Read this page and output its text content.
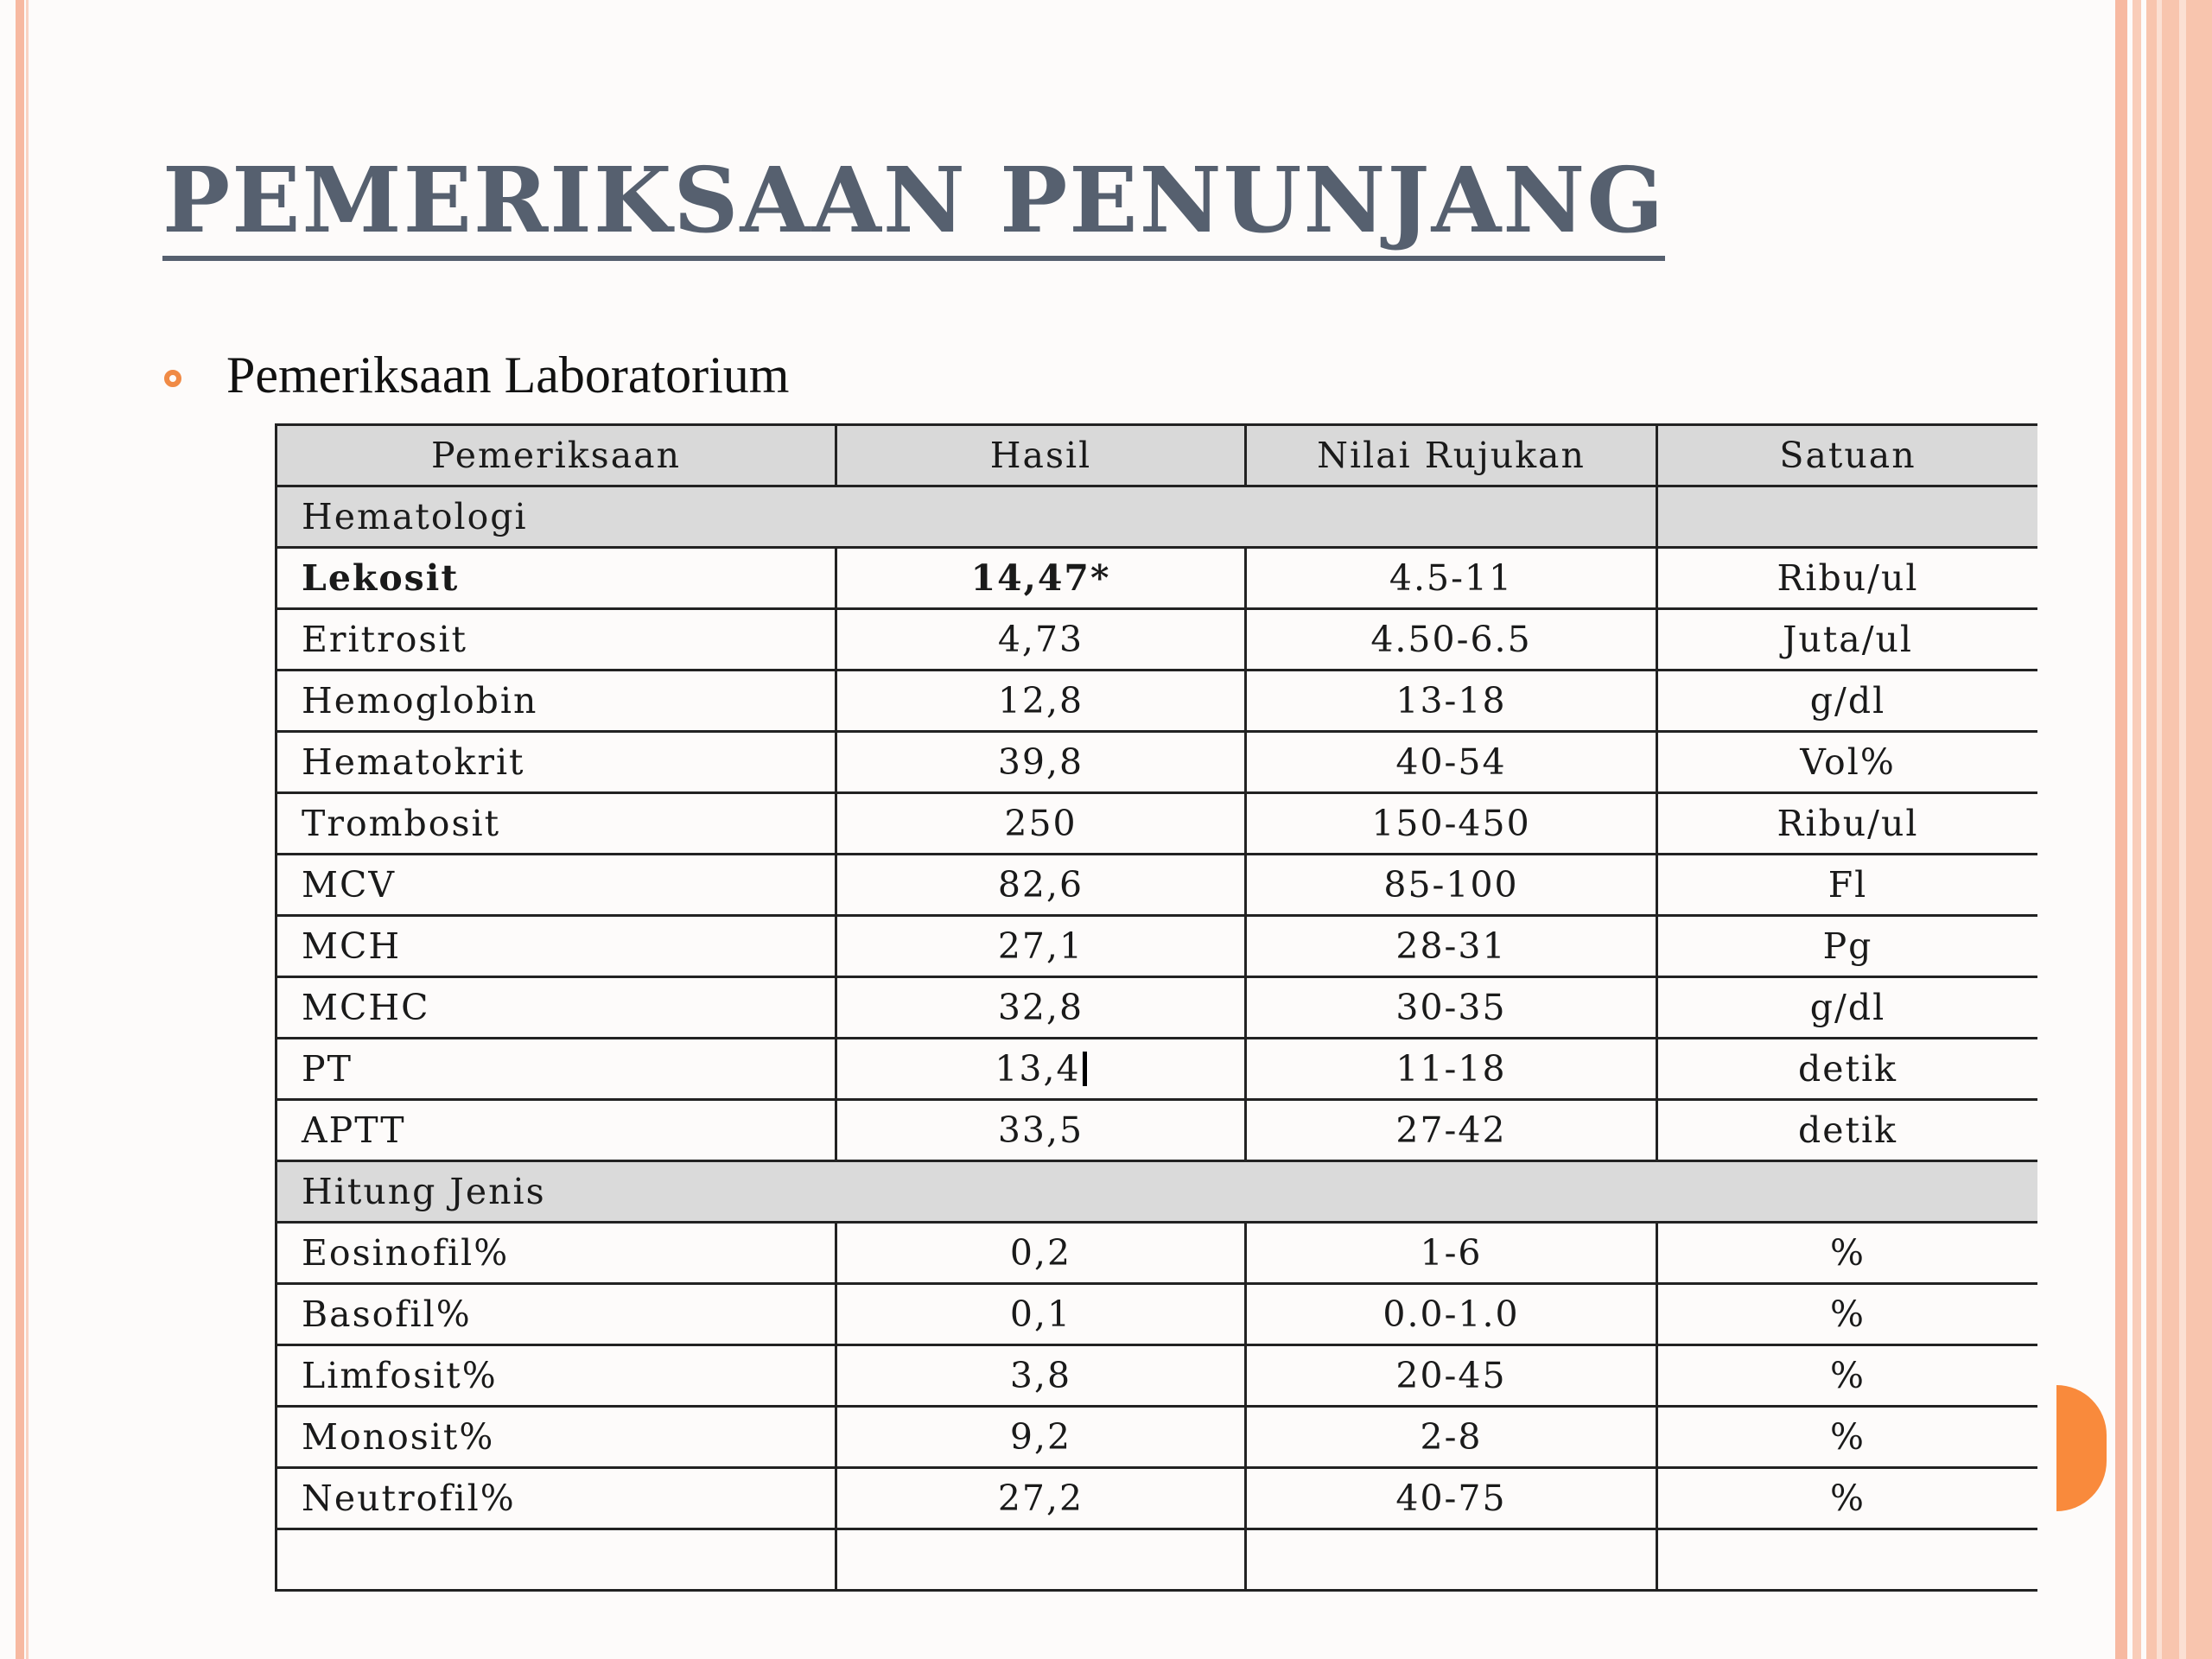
PEMERIKSAAN PENUNJANG
Pemeriksaan Laboratorium
Pemeriksaan	Hasil	Nilai Rujukan	Satuan
Hematologi			
Lekosit	14,47*	4.5-11	Ribu/ul
Eritrosit	4,73	4.50-6.5	Juta/ul
Hemoglobin	12,8	13-18	g/dl
Hematokrit	39,8	40-54	Vol%
Trombosit	250	150-450	Ribu/ul
MCV	82,6	85-100	Fl
MCH	27,1	28-31	Pg
MCHC	32,8	30-35	g/dl
PT	13,4	11-18	detik
APTT	33,5	27-42	detik
Hitung Jenis			
Eosinofil%	0,2	1-6	%
Basofil%	0,1	0.0-1.0	%
Limfosit%	3,8	20-45	%
Monosit%	9,2	2-8	%
Neutrofil%	27,2	40-75	%
